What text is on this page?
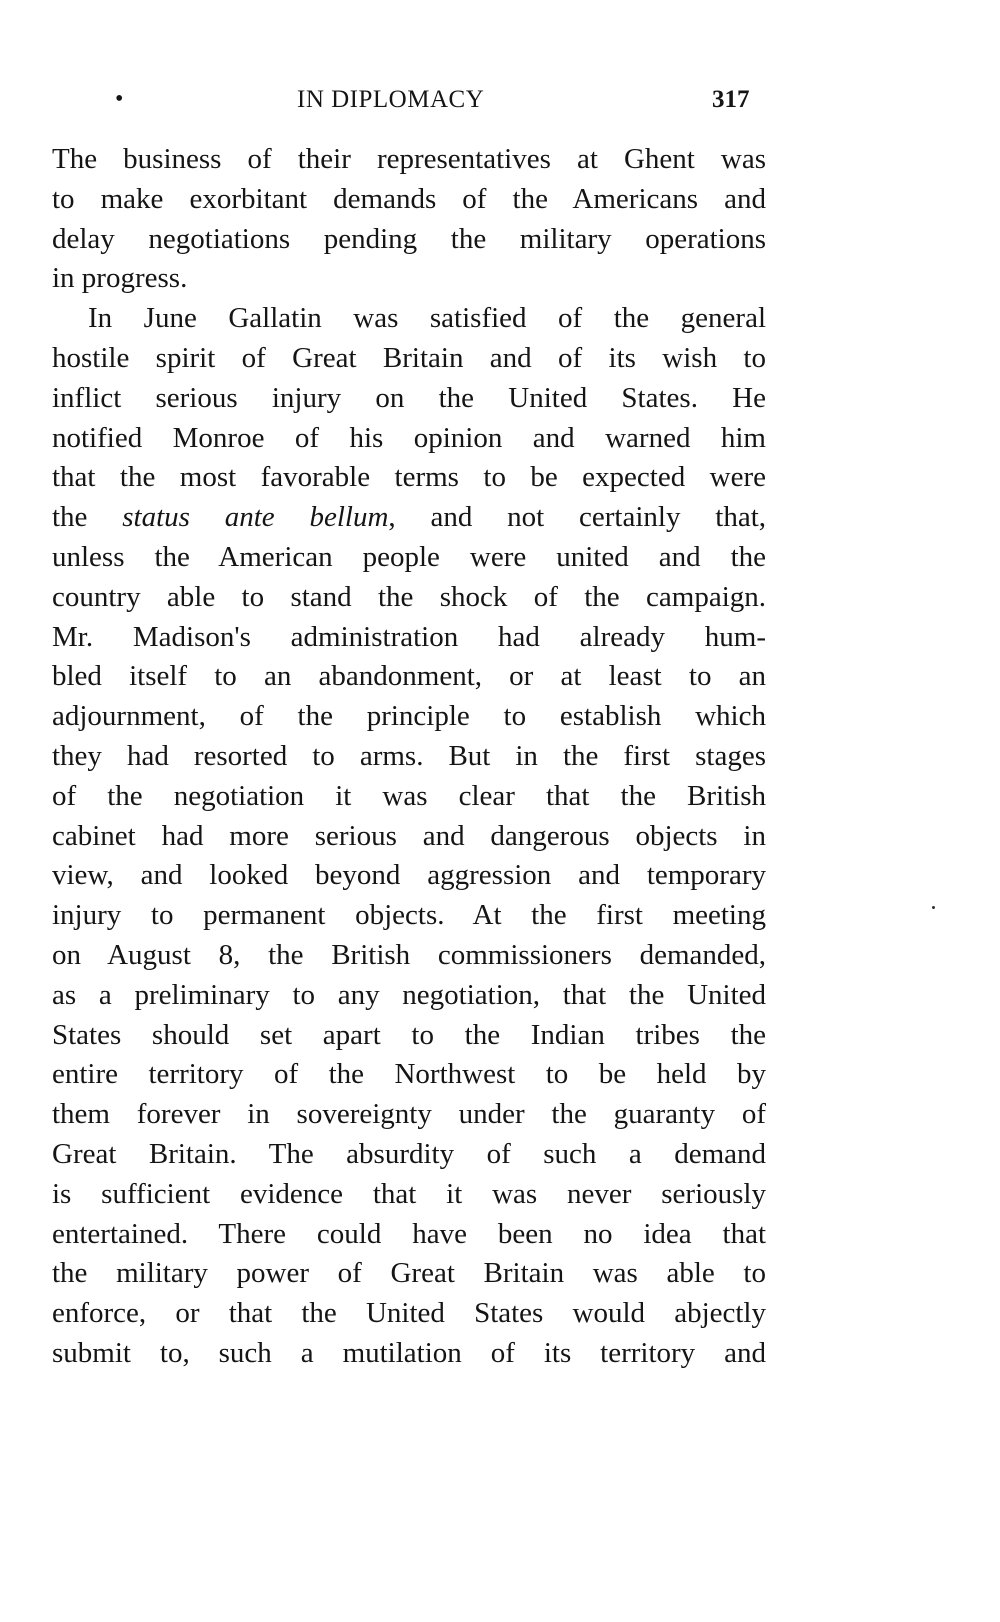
•	IN DIPLOMACY	317
The business of their representatives at Ghent was
to make exorbitant demands of the Americans and
delay negotiations pending the military operations
in progress.
In June Gallatin was satisfied of the general
hostile spirit of Great Britain and of its wish to
inflict serious injury on the United States. He
notified Monroe of his opinion and warned him
that the most favorable terms to be expected were
the status ante bellum, and not certainly that,
unless the American people were united and the
country able to stand the shock of the campaign.
Mr. Madison's administration had already hum-
bled itself to an abandonment, or at least to an
adjournment, of the principle to establish which
they had resorted to arms. But in the first stages
of the negotiation it was clear that the British
cabinet had more serious and dangerous objects in
view, and looked beyond aggression and temporary
injury to permanent objects. At the first meeting
on August 8, the British commissioners demanded,
as a preliminary to any negotiation, that the United
States should set apart to the Indian tribes the
entire territory of the Northwest to be held by
them forever in sovereignty under the guaranty of
Great Britain. The absurdity of such a demand
is sufficient evidence that it was never seriously
entertained. There could have been no idea that
the military power of Great Britain was able to
enforce, or that the United States would abjectly
submit to, such a mutilation of its territory and
